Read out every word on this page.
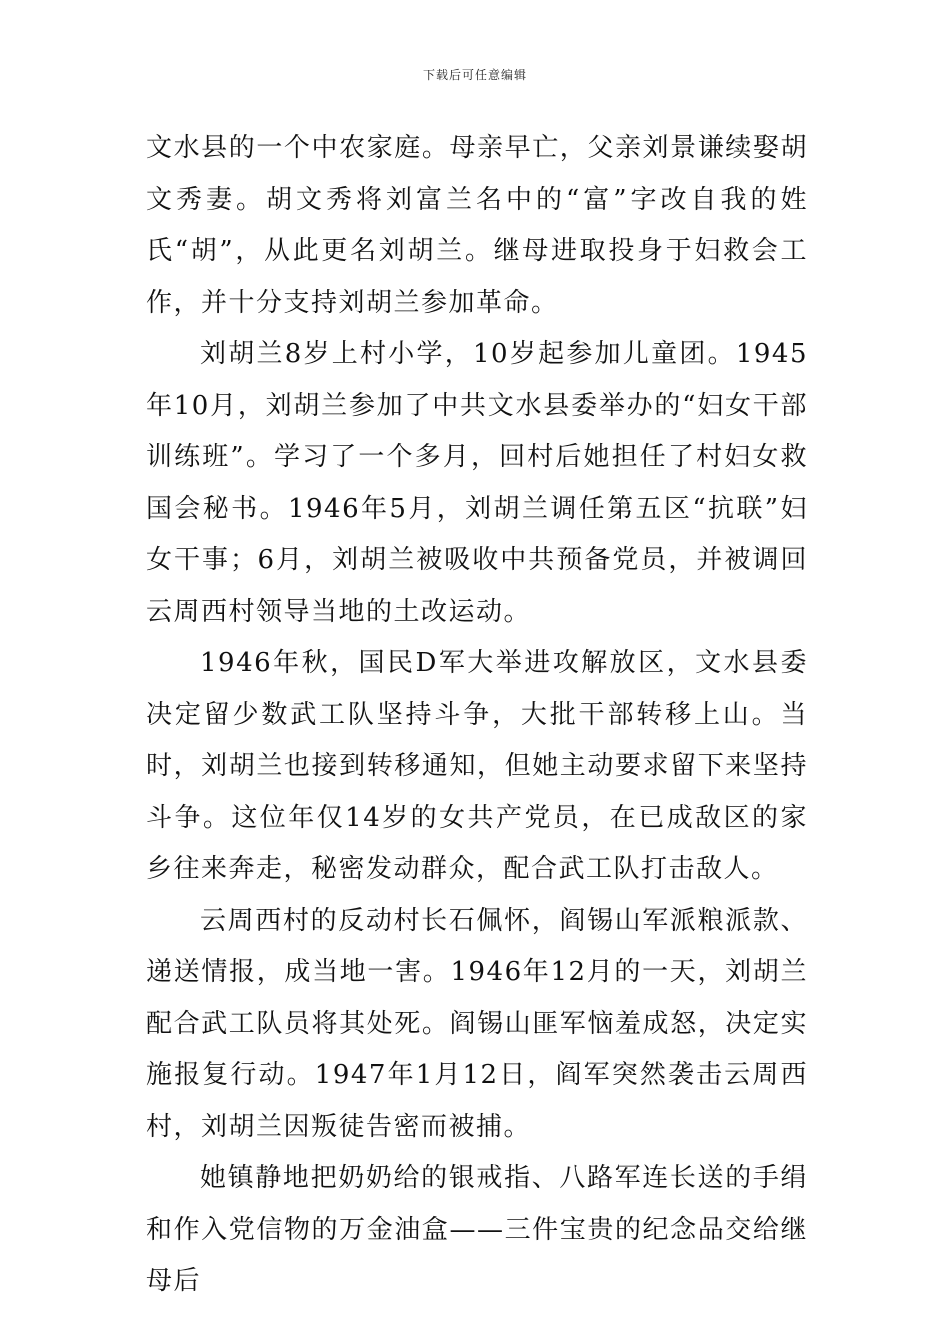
下载后可任意编辑

文水县的一个中农家庭。母亲早亡，父亲刘景谦续娶胡文秀妻。胡文秀将刘富兰名中的“富”字改自我的姓氏“胡”，从此更名刘胡兰。继母进取投身于妇救会工作，并十分支持刘胡兰参加革命。

刘胡兰8岁上村小学，10岁起参加儿童团。1945年10月，刘胡兰参加了中共文水县委举办的“妇女干部训练班”。学习了一个多月，回村后她担任了村妇女救国会秘书。1946年5月，刘胡兰调任第五区“抗联”妇女干事；6月，刘胡兰被吸收中共预备党员，并被调回云周西村领导当地的土改运动。

1946年秋，国民D军大举进攻解放区，文水县委决定留少数武工队坚持斗争，大批干部转移上山。当时，刘胡兰也接到转移通知，但她主动要求留下来坚持斗争。这位年仅14岁的女共产党员，在已成敌区的家乡往来奔走，秘密发动群众，配合武工队打击敌人。

云周西村的反动村长石佩怀，阎锡山军派粮派款、递送情报，成当地一害。1946年12月的一天，刘胡兰配合武工队员将其处死。阎锡山匪军恼羞成怒，决定实施报复行动。1947年1月12日，阎军突然袭击云周西村，刘胡兰因叛徒告密而被捕。

她镇静地把奶奶给的银戒指、八路军连长送的手绢和作入党信物的万金油盒——三件宝贵的纪念品交给继母后
